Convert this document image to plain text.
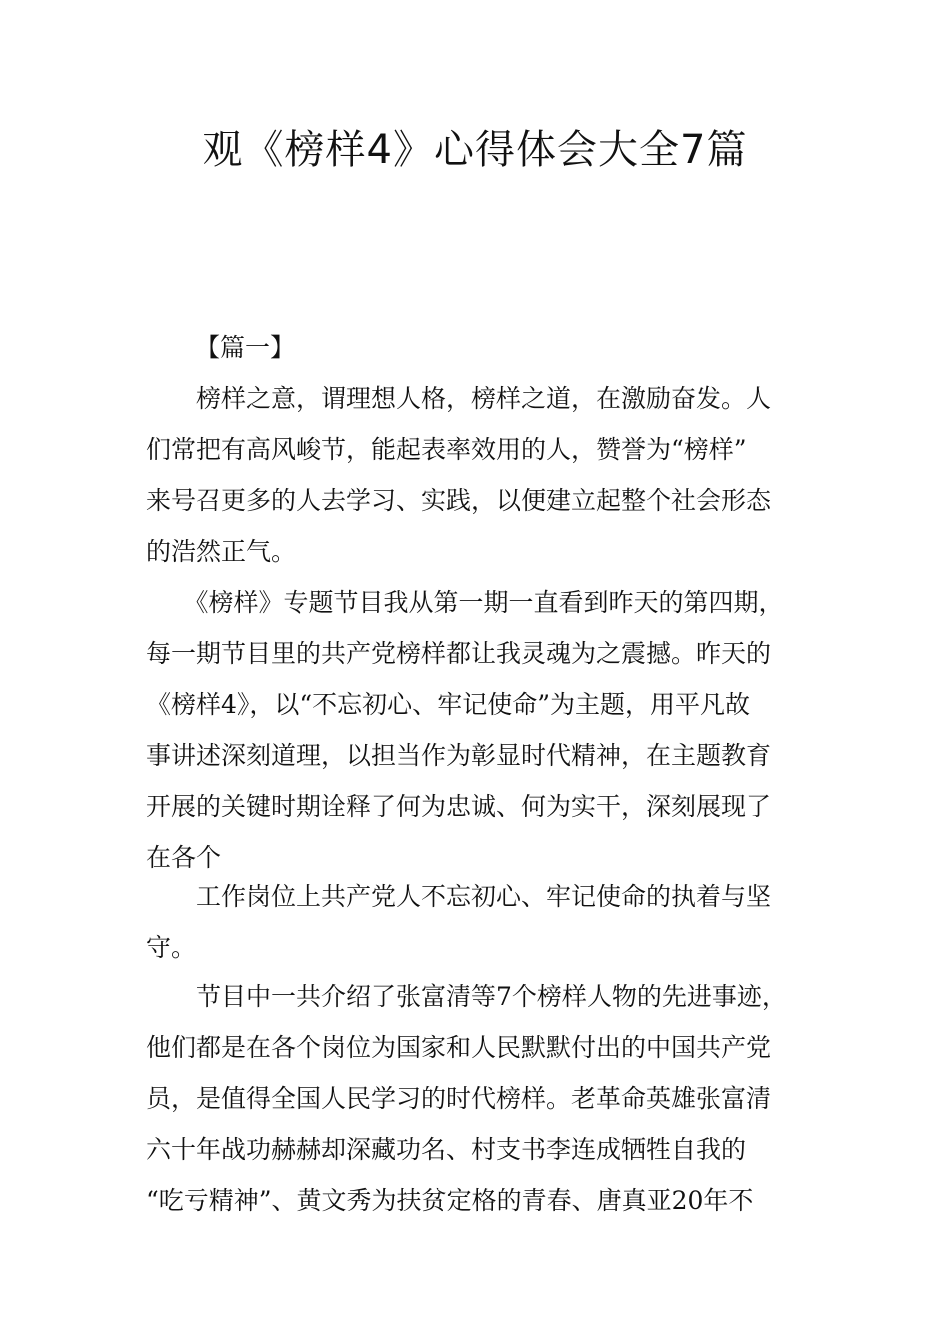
观《榜样4》心得体会大全7篇

【篇一】

　　榜样之意，谓理想人格，榜样之道，在激励奋发。人
们常把有高风峻节，能起表率效用的人，赞誉为“榜样”
来号召更多的人去学习、实践，以便建立起整个社会形态
的浩然正气。
　　《榜样》专题节目我从第一期一直看到昨天的第四期，
每一期节目里的共产党榜样都让我灵魂为之震撼。昨天的
《榜样4》，以“不忘初心、牢记使命”为主题，用平凡故
事讲述深刻道理，以担当作为彰显时代精神，在主题教育
开展的关键时期诠释了何为忠诚、何为实干，深刻展现了
在各个
　　工作岗位上共产党人不忘初心、牢记使命的执着与坚
守。
　　节目中一共介绍了张富清等7个榜样人物的先进事迹，
他们都是在各个岗位为国家和人民默默付出的中国共产党
员，是值得全国人民学习的时代榜样。老革命英雄张富清
六十年战功赫赫却深藏功名、村支书李连成牺牲自我的
“吃亏精神”、黄文秀为扶贫定格的青春、唐真亚20年不
